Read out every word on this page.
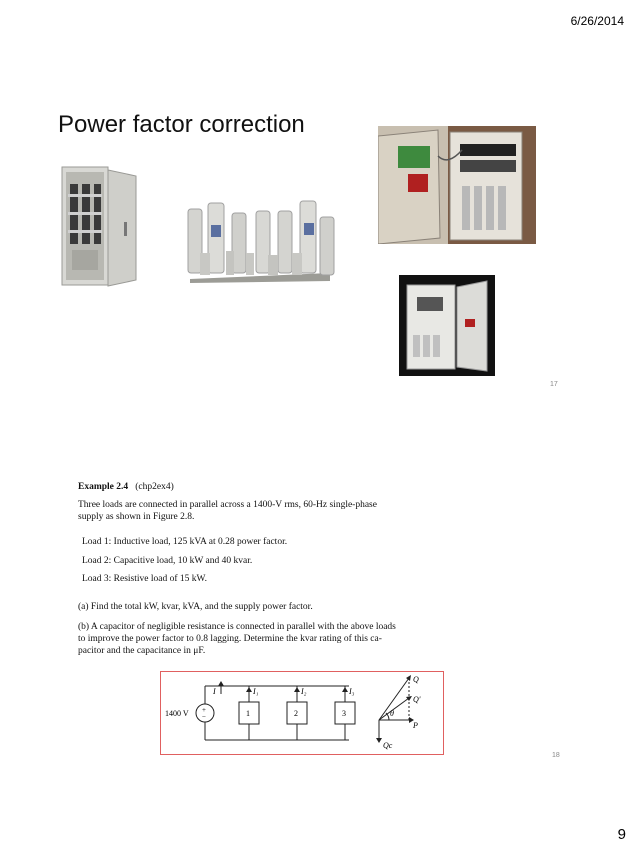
6/26/2014
Power factor correction
17
Example 2.4 (chp2ex4)
Three loads are connected in parallel across a 1400-V rms, 60-Hz single-phase
supply as shown in Figure 2.8.
Load 1: Inductive load, 125 kVA at 0.28 power factor.
Load 2: Capacitive load, 10 kW and 40 kvar.
Load 3: Resistive load of 15 kW.
(a) Find the total kW, kvar, kVA, and the supply power factor.
(b) A capacitor of negligible resistance is connected in parallel with the above loads
to improve the power factor to 0.8 lagging. Determine the kvar rating of this ca-
pacitor and the capacitance in μF.
+
−
1400 V
I	I₁	I₂	I₃
1	2	3
Q
Q'
θ
P
Qc
18
9
